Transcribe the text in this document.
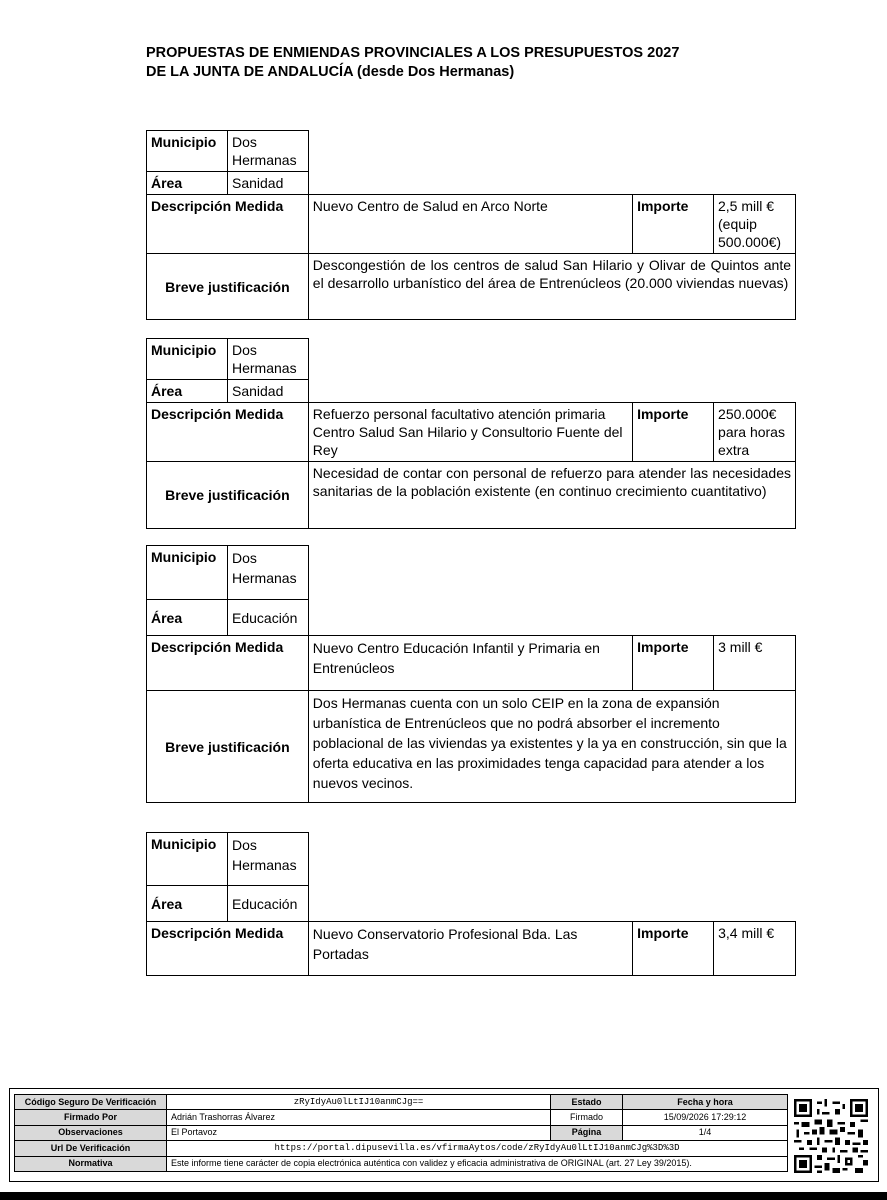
PROPUESTAS DE ENMIENDAS PROVINCIALES A LOS PRESUPUESTOS 2027
DE LA JUNTA DE ANDALUCÍA (desde Dos Hermanas)
Municipio	Dos Hermanas
Área	Sanidad
Descripción Medida	Nuevo Centro de Salud en Arco Norte	Importe	2,5 mill € (equip 500.000€)
Breve justificación	Descongestión de los centros de salud San Hilario y Olivar de Quintos ante el desarrollo urbanístico del área de Entrenúcleos (20.000 viviendas nuevas)		
Municipio	Dos Hermanas
Área	Sanidad
Descripción Medida	Refuerzo personal facultativo atención primaria Centro Salud San Hilario y Consultorio Fuente del Rey	Importe	250.000€ para horas extra
Breve justificación	Necesidad de contar con personal de refuerzo para atender las necesidades sanitarias de la población existente (en continuo crecimiento cuantitativo)		
Municipio	Dos Hermanas
Área	Educación
Descripción Medida	Nuevo Centro Educación Infantil y Primaria en Entrenúcleos	Importe	3 mill €
Breve justificación	Dos Hermanas cuenta con un solo CEIP en la zona de expansión urbanística de Entrenúcleos que no podrá absorber el incremento poblacional de las viviendas ya existentes y la ya en construcción, sin que la oferta educativa en las proximidades tenga capacidad para atender a los nuevos vecinos.		
Municipio	Dos Hermanas
Área	Educación
Descripción Medida	Nuevo Conservatorio Profesional Bda. Las Portadas	Importe	3,4 mill €
Código Seguro De Verificación	zRyIdyAu0lLtIJ10anmCJg==	Estado	Fecha y hora
Firmado Por	Adrián Trashorras Álvarez	Firmado	15/09/2026 17:29:12
Observaciones	El Portavoz	Página	1/4
Url De Verificación	https://portal.dipusevilla.es/vfirmaAytos/code/zRyIdyAu0lLtIJ10anmCJg%3D%3D		
Normativa	Este informe tiene carácter de copia electrónica auténtica con validez y eficacia administrativa de ORIGINAL (art. 27 Ley 39/2015).		
